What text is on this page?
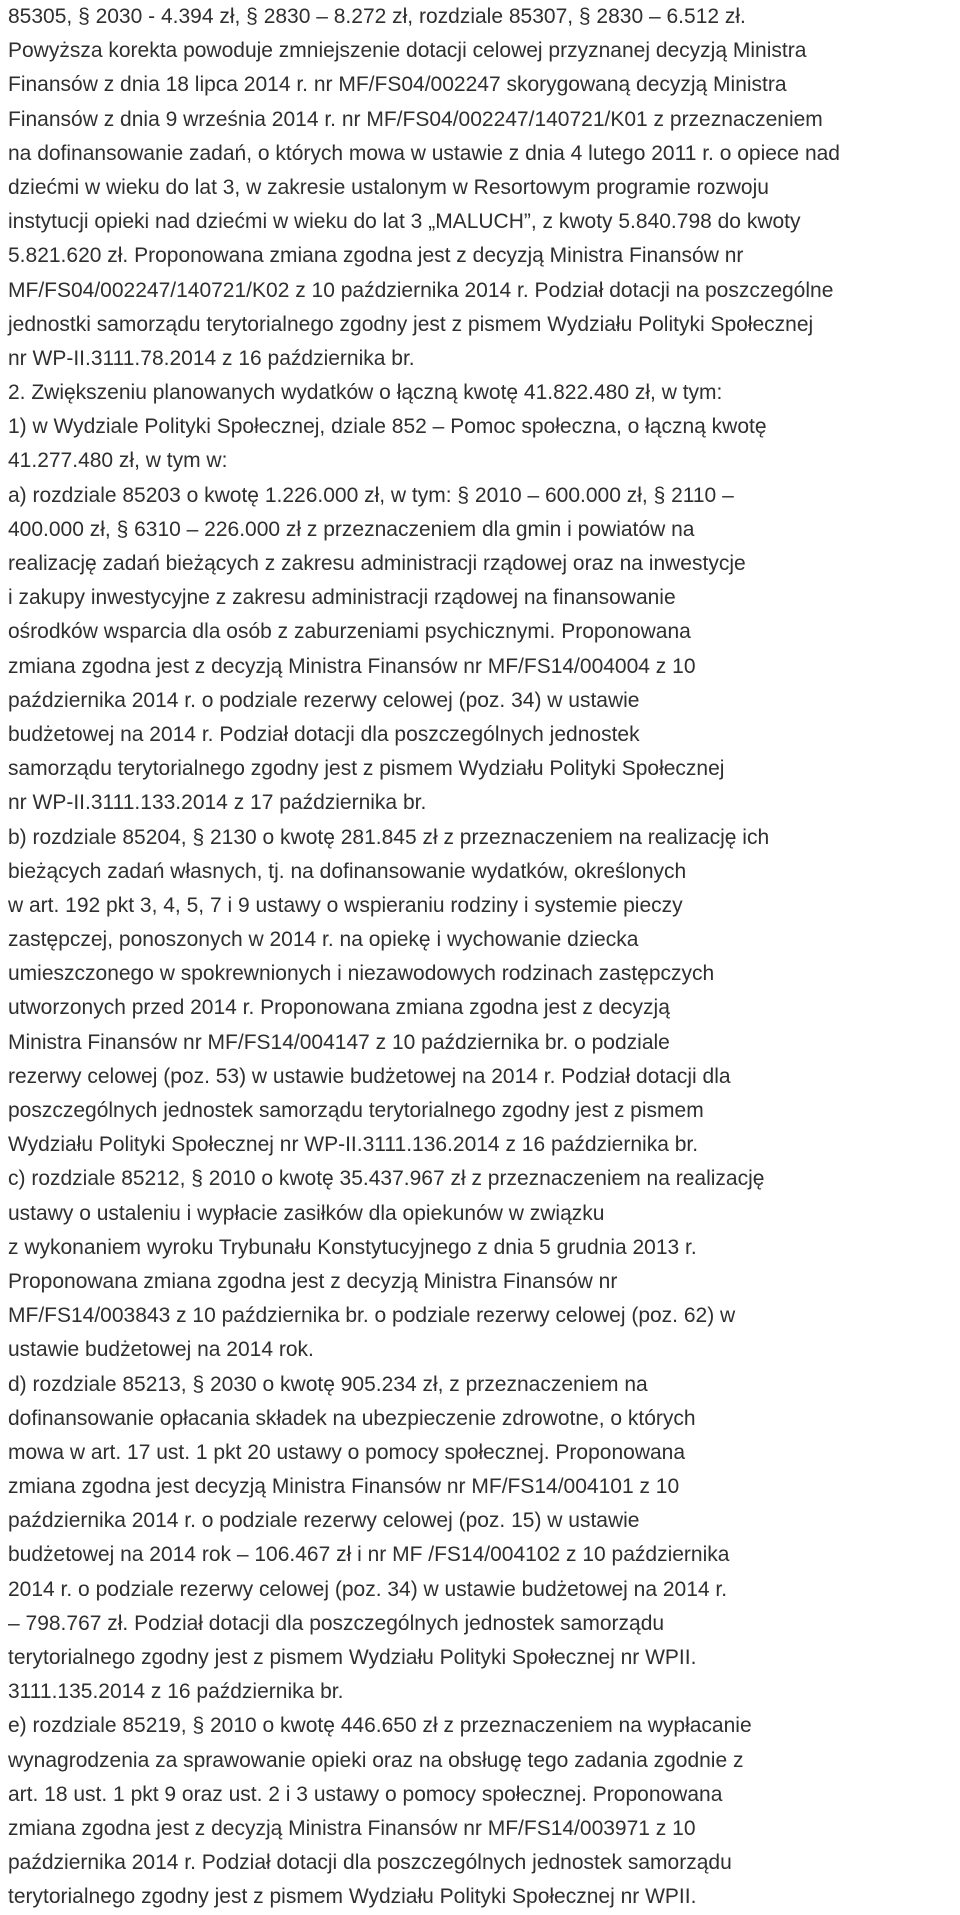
85305, § 2030 - 4.394 zł, § 2830 – 8.272 zł, rozdziale 85307, § 2830 – 6.512 zł.
Powyższa korekta powoduje zmniejszenie dotacji celowej przyznanej decyzją Ministra
Finansów z dnia 18 lipca 2014 r. nr MF/FS04/002247 skorygowaną decyzją Ministra
Finansów z dnia 9 września 2014 r. nr MF/FS04/002247/140721/K01 z przeznaczeniem
na dofinansowanie zadań, o których mowa w ustawie z dnia 4 lutego 2011 r. o opiece nad
dziećmi w wieku do lat 3, w zakresie ustalonym w Resortowym programie rozwoju
instytucji opieki nad dziećmi w wieku do lat 3 „MALUCH”, z kwoty 5.840.798 do kwoty
5.821.620 zł. Proponowana zmiana zgodna jest z decyzją Ministra Finansów nr
MF/FS04/002247/140721/K02 z 10 października 2014 r. Podział dotacji na poszczególne
jednostki samorządu terytorialnego zgodny jest z pismem Wydziału Polityki Społecznej
nr WP-II.3111.78.2014 z 16 października br.
2. Zwiększeniu planowanych wydatków o łączną kwotę 41.822.480 zł, w tym:
1) w Wydziale Polityki Społecznej, dziale 852 – Pomoc społeczna, o łączną kwotę
41.277.480 zł, w tym w:
a) rozdziale 85203 o kwotę 1.226.000 zł, w tym: § 2010 – 600.000 zł, § 2110 –
400.000 zł, § 6310 – 226.000 zł z przeznaczeniem dla gmin i powiatów na
realizację zadań bieżących z zakresu administracji rządowej oraz na inwestycje
i zakupy inwestycyjne z zakresu administracji rządowej na finansowanie
ośrodków wsparcia dla osób z zaburzeniami psychicznymi. Proponowana
zmiana zgodna jest z decyzją Ministra Finansów nr MF/FS14/004004 z 10
października 2014 r. o podziale rezerwy celowej (poz. 34) w ustawie
budżetowej na 2014 r. Podział dotacji dla poszczególnych jednostek
samorządu terytorialnego zgodny jest z pismem Wydziału Polityki Społecznej
nr WP-II.3111.133.2014 z 17 października br.
b) rozdziale 85204, § 2130 o kwotę 281.845 zł z przeznaczeniem na realizację ich
bieżących zadań własnych, tj. na dofinansowanie wydatków, określonych
w art. 192 pkt 3, 4, 5, 7 i 9 ustawy o wspieraniu rodziny i systemie pieczy
zastępczej, ponoszonych w 2014 r. na opiekę i wychowanie dziecka
umieszczonego w spokrewnionych i niezawodowych rodzinach zastępczych
utworzonych przed 2014 r. Proponowana zmiana zgodna jest z decyzją
Ministra Finansów nr MF/FS14/004147 z 10 października br. o podziale
rezerwy celowej (poz. 53) w ustawie budżetowej na 2014 r. Podział dotacji dla
poszczególnych jednostek samorządu terytorialnego zgodny jest z pismem
Wydziału Polityki Społecznej nr WP-II.3111.136.2014 z 16 października br.
c) rozdziale 85212, § 2010 o kwotę 35.437.967 zł z przeznaczeniem na realizację
ustawy o ustaleniu i wypłacie zasiłków dla opiekunów w związku
z wykonaniem wyroku Trybunału Konstytucyjnego z dnia 5 grudnia 2013 r.
Proponowana zmiana zgodna jest z decyzją Ministra Finansów nr
MF/FS14/003843 z 10 października br. o podziale rezerwy celowej (poz. 62) w
ustawie budżetowej na 2014 rok.
d) rozdziale 85213, § 2030 o kwotę 905.234 zł, z przeznaczeniem na
dofinansowanie opłacania składek na ubezpieczenie zdrowotne, o których
mowa w art. 17 ust. 1 pkt 20 ustawy o pomocy społecznej. Proponowana
zmiana zgodna jest decyzją Ministra Finansów nr MF/FS14/004101 z 10
października 2014 r. o podziale rezerwy celowej (poz. 15) w ustawie
budżetowej na 2014 rok – 106.467 zł i nr MF /FS14/004102 z 10 października
2014 r. o podziale rezerwy celowej (poz. 34) w ustawie budżetowej na 2014 r.
– 798.767 zł. Podział dotacji dla poszczególnych jednostek samorządu
terytorialnego zgodny jest z pismem Wydziału Polityki Społecznej nr WPII.
3111.135.2014 z 16 października br.
e) rozdziale 85219, § 2010 o kwotę 446.650 zł z przeznaczeniem na wypłacanie
wynagrodzenia za sprawowanie opieki oraz na obsługę tego zadania zgodnie z
art. 18 ust. 1 pkt 9 oraz ust. 2 i 3 ustawy o pomocy społecznej. Proponowana
zmiana zgodna jest z decyzją Ministra Finansów nr MF/FS14/003971 z 10
października 2014 r. Podział dotacji dla poszczególnych jednostek samorządu
terytorialnego zgodny jest z pismem Wydziału Polityki Społecznej nr WPII.
